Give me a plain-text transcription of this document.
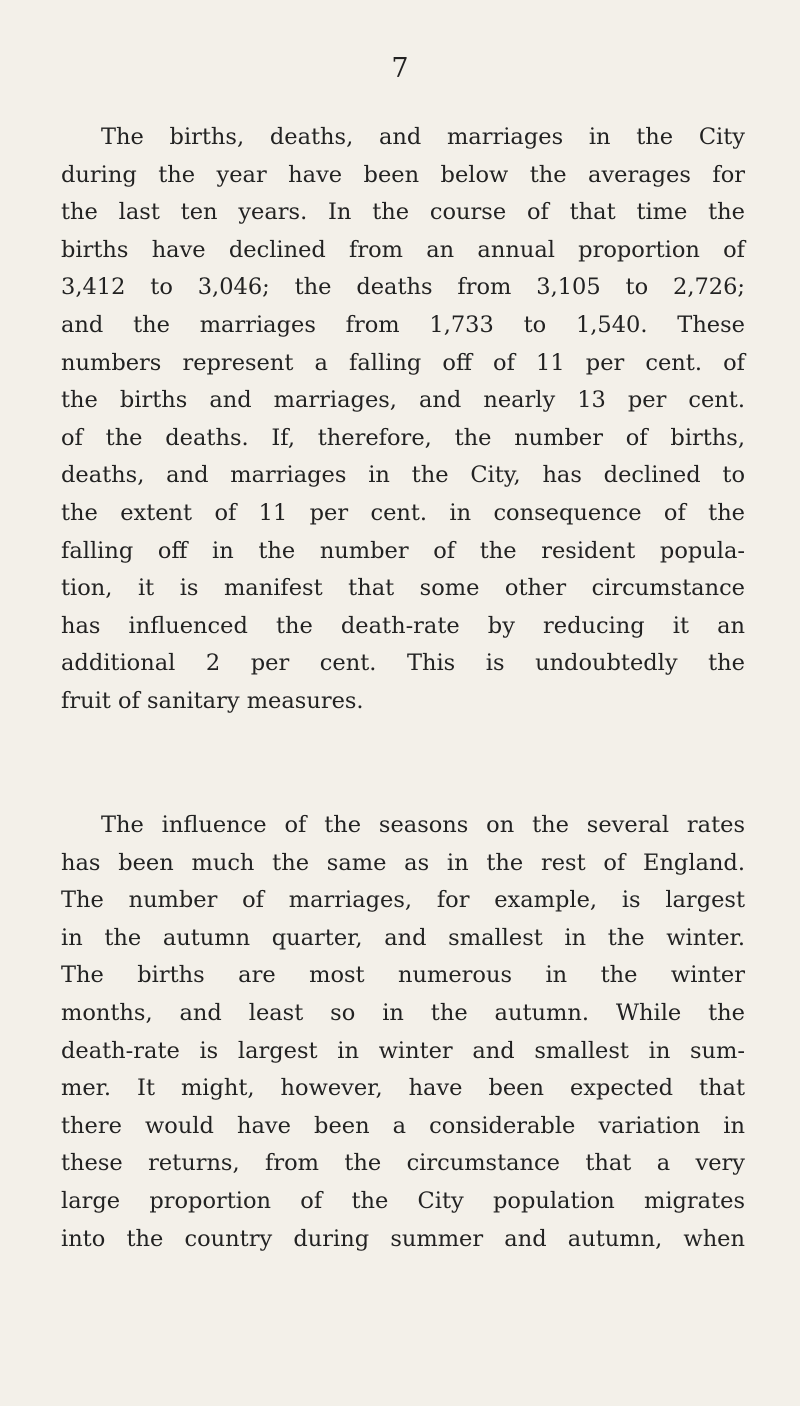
7
The births, deaths, and marriages in the City
during the year have been below the averages for
the last ten years. In the course of that time the
births have declined from an annual proportion of
3,412 to 3,046; the deaths from 3,105 to 2,726;
and the marriages from 1,733 to 1,540. These
numbers represent a falling off of 11 per cent. of
the births and marriages, and nearly 13 per cent.
of the deaths. If, therefore, the number of births,
deaths, and marriages in the City, has declined to
the extent of 11 per cent. in consequence of the
falling off in the number of the resident popula-
tion, it is manifest that some other circumstance
has influenced the death-rate by reducing it an
additional 2 per cent. This is undoubtedly the
fruit of sanitary measures.
The influence of the seasons on the several rates
has been much the same as in the rest of England.
The number of marriages, for example, is largest
in the autumn quarter, and smallest in the winter.
The births are most numerous in the winter
months, and least so in the autumn. While the
death-rate is largest in winter and smallest in sum-
mer. It might, however, have been expected that
there would have been a considerable variation in
these returns, from the circumstance that a very
large proportion of the City population migrates
into the country during summer and autumn, when
